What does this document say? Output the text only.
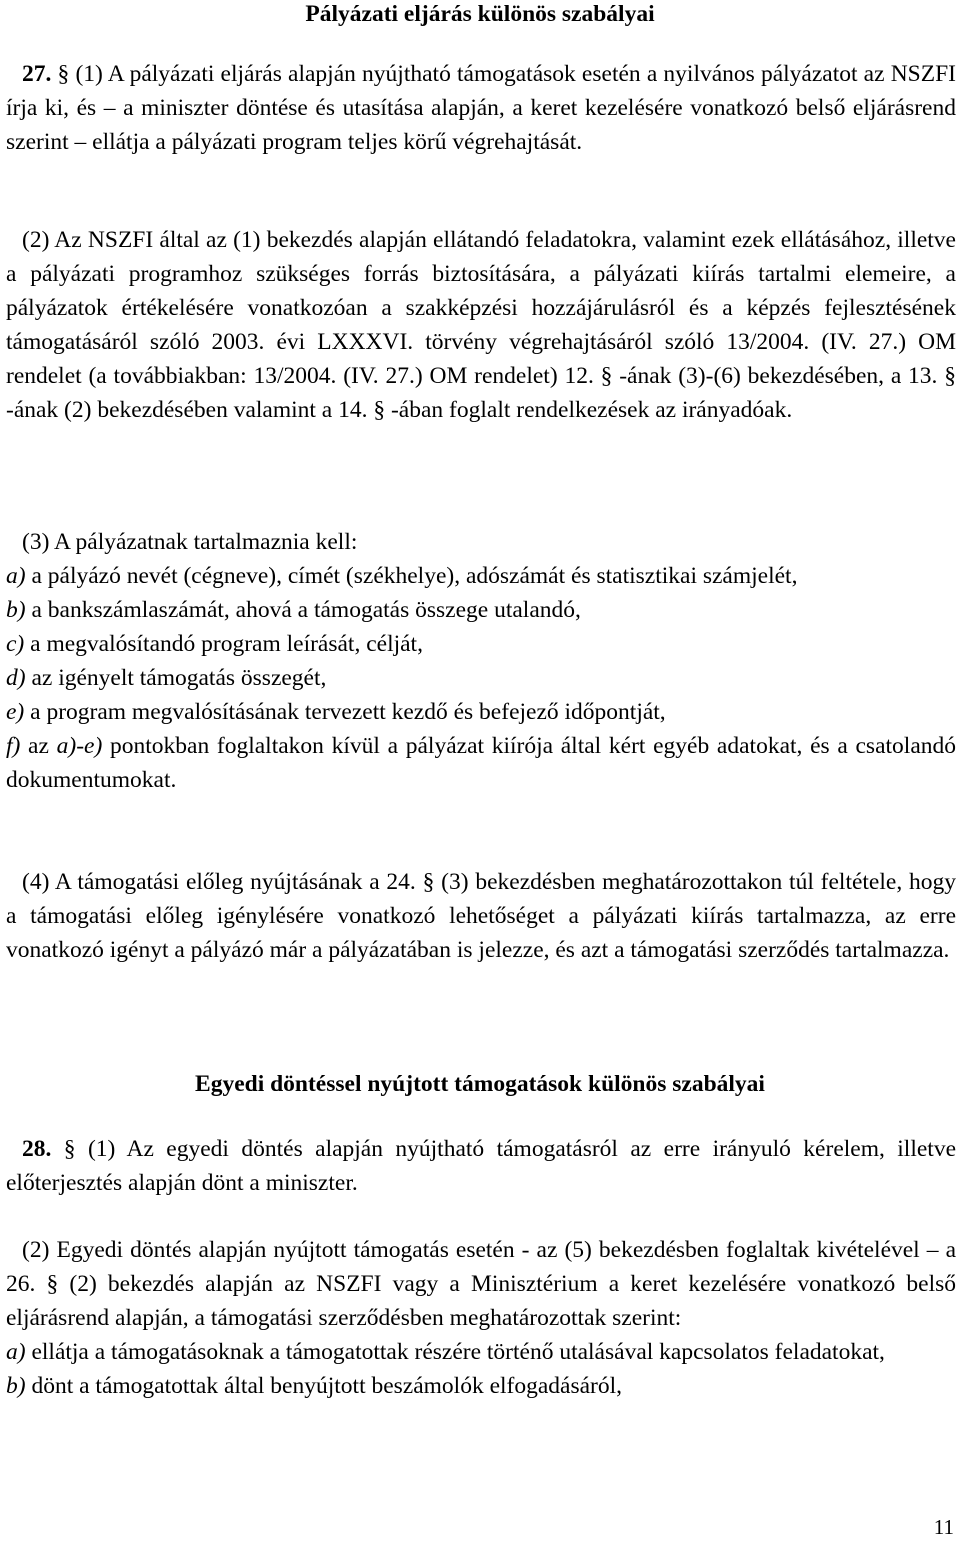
Pályázati eljárás különös szabályai

27. § (1) A pályázati eljárás alapján nyújtható támogatások esetén a nyilvános pályázatot az NSZFI írja ki, és – a miniszter döntése és utasítása alapján, a keret kezelésére vonatkozó belső eljárásrend szerint – ellátja a pályázati program teljes körű végrehajtását.

(2) Az NSZFI által az (1) bekezdés alapján ellátandó feladatokra, valamint ezek ellátásához, illetve a pályázati programhoz szükséges forrás biztosítására, a pályázati kiírás tartalmi elemeire, a pályázatok értékelésére vonatkozóan a szakképzési hozzájárulásról és a képzés fejlesztésének támogatásáról szóló 2003. évi LXXXVI. törvény végrehajtásáról szóló 13/2004. (IV. 27.) OM rendelet (a továbbiakban: 13/2004. (IV. 27.) OM rendelet) 12. § -ának (3)-(6) bekezdésében, a 13. § -ának (2) bekezdésében valamint a 14. § -ában foglalt rendelkezések az irányadóak.

(3) A pályázatnak tartalmaznia kell:

a) a pályázó nevét (cégneve), címét (székhelye), adószámát és statisztikai számjelét,

b) a bankszámlaszámát, ahová a támogatás összege utalandó,

c) a megvalósítandó program leírását, célját,

d) az igényelt támogatás összegét,

e) a program megvalósításának tervezett kezdő és befejező időpontját,

f) az a)-e) pontokban foglaltakon kívül a pályázat kiírója által kért egyéb adatokat, és a csatolandó dokumentumokat.

(4) A támogatási előleg nyújtásának a 24. § (3) bekezdésben meghatározottakon túl feltétele, hogy a támogatási előleg igénylésére vonatkozó lehetőséget a pályázati kiírás tartalmazza, az erre vonatkozó igényt a pályázó már a pályázatában is jelezze, és azt a támogatási szerződés tartalmazza.

Egyedi döntéssel nyújtott támogatások különös szabályai

28. § (1) Az egyedi döntés alapján nyújtható támogatásról az erre irányuló kérelem, illetve előterjesztés alapján dönt a miniszter.

(2) Egyedi döntés alapján nyújtott támogatás esetén - az (5) bekezdésben foglaltak kivételével – a 26. § (2) bekezdés alapján az NSZFI vagy a Minisztérium a keret kezelésére vonatkozó belső eljárásrend alapján, a támogatási szerződésben meghatározottak szerint:

a) ellátja a támogatásoknak a támogatottak részére történő utalásával kapcsolatos feladatokat,

b) dönt a támogatottak által benyújtott beszámolók elfogadásáról,

11
